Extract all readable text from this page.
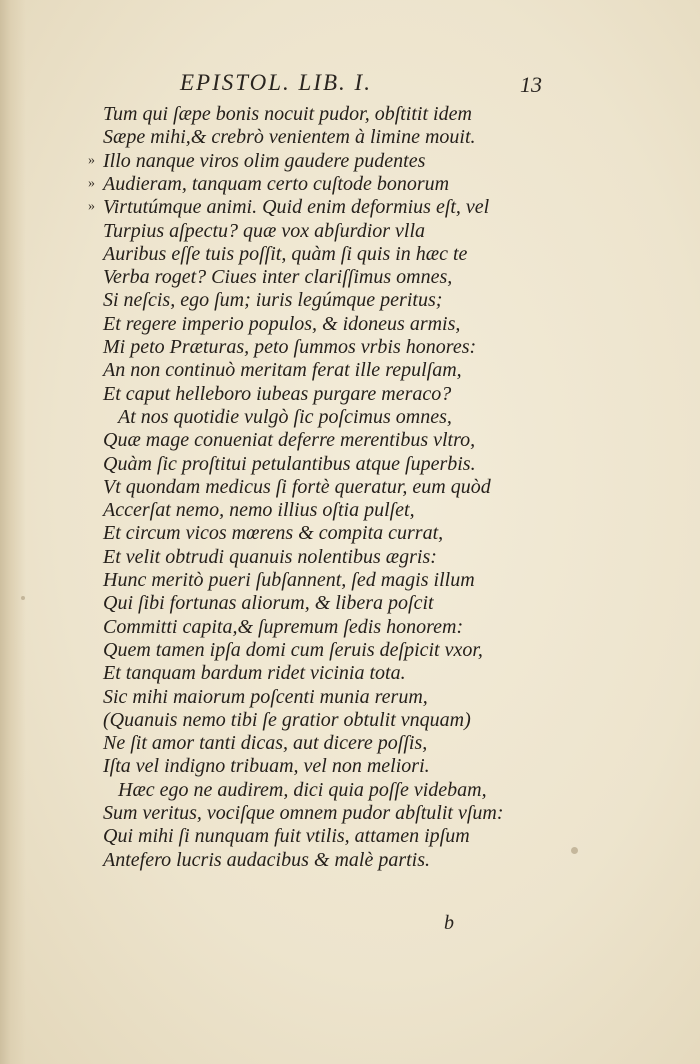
EPISTOL. LIB. I.	13
Tum qui ſæpe bonis nocuit pudor, obſtitit idem
Sæpe mihi,& crebrò venientem à limine mouit.
» Illo nanque viros olim gaudere pudentes
» Audieram, tanquam certo cuſtode bonorum
» Virtutúmque animi. Quid enim deformius eſt, vel
Turpius aſpectu? quæ vox abſurdior vlla
Auribus eſſe tuis poſſit, quàm ſi quis in hæc te
Verba roget? Ciues inter clariſſimus omnes,
Si neſcis, ego ſum; iuris legúmque peritus;
Et regere imperio populos, & idoneus armis,
Mi peto Præturas, peto ſummos vrbis honores:
An non continuò meritam ferat ille repulſam,
Et caput helleboro iubeas purgare meraco?
At nos quotidie vulgò ſic poſcimus omnes,
Quæ mage conueniat deferre merentibus vltro,
Quàm ſic proſtitui petulantibus atque ſuperbis.
Vt quondam medicus ſi fortè queratur, eum quòd
Accerſat nemo, nemo illius oſtia pulſet,
Et circum vicos mœrens & compita currat,
Et velit obtrudi quanuis nolentibus ægris:
Hunc meritò pueri ſubſannent, ſed magis illum
Qui ſibi fortunas aliorum, & libera poſcit
Committi capita,& ſupremum ſedis honorem:
Quem tamen ipſa domi cum ſeruis deſpicit vxor,
Et tanquam bardum ridet vicinia tota.
Sic mihi maiorum poſcenti munia rerum,
(Quanuis nemo tibi ſe gratior obtulit vnquam)
Ne ſit amor tanti dicas, aut dicere poſſis,
Iſta vel indigno tribuam, vel non meliori.
Hæc ego ne audirem, dici quia poſſe videbam,
Sum veritus, vociſque omnem pudor abſtulit vſum:
Qui mihi ſi nunquam fuit vtilis, attamen ipſum
Antefero lucris audacibus & malè partis.
b
